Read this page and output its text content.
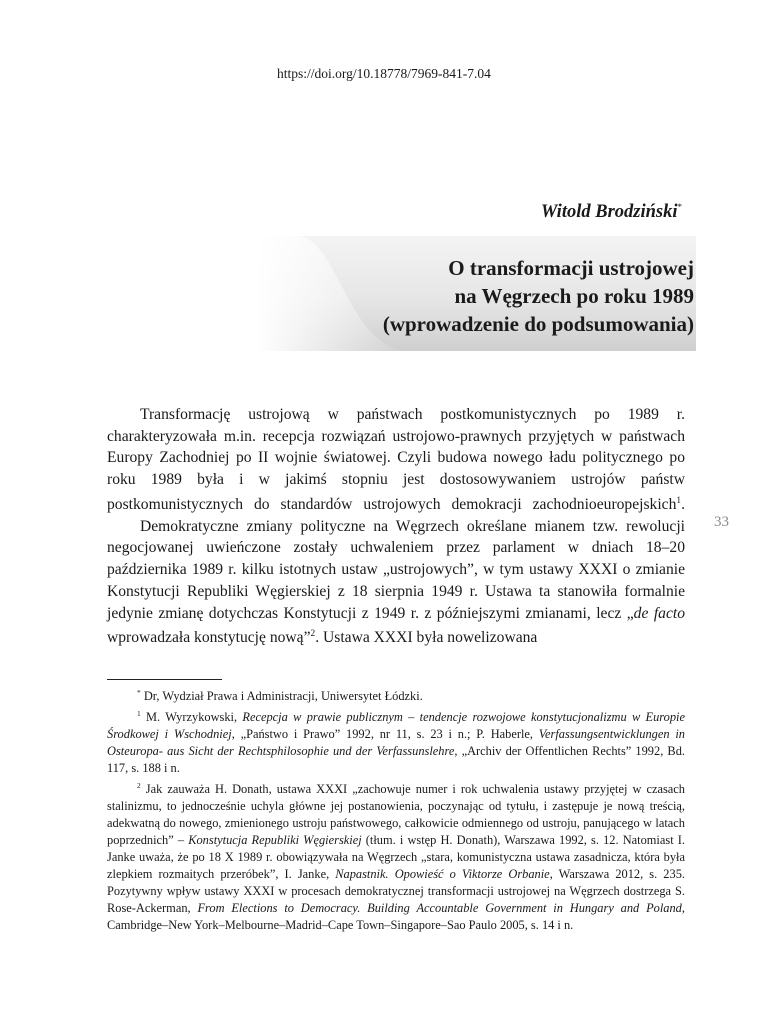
https://doi.org/10.18778/7969-841-7.04
Witold Brodziński*
O transformacji ustrojowej
na Węgrzech po roku 1989
(wprowadzenie do podsumowania)
33

Transformację ustrojową w państwach postkomunistycznych po 1989 r. charakteryzowała m.in. recepcja rozwiązań ustrojowo-prawnych przyjętych w państwach Europy Zachodniej po II wojnie światowej. Czyli budowa nowego ładu politycznego po roku 1989 była i w jakimś stopniu jest dostosowywaniem ustrojów państw postkomunistycznych do standardów ustrojowych demokracji zachodnioeuropejskich$^1$.

Demokratyczne zmiany polityczne na Węgrzech określane mianem tzw. rewolucji negocjowanej uwieńczone zostały uchwaleniem przez parlament w dniach 18–20 października 1989 r. kilku istotnych ustaw „ustrojowych”, w tym ustawy XXXI o zmianie Konstytucji Republiki Węgierskiej z 18 sierpnia 1949 r. Ustawa ta stanowiła formalnie jedynie zmianę dotychczas Konstytucji z 1949 r. z późniejszymi zmianami, lecz „de facto wprowadzała konstytucję nową”$^2$. Ustawa XXXI była nowelizowana

* Dr, Wydział Prawa i Administracji, Uniwersytet Łódzki.

$^1$ M. Wyrzykowski, Recepcja w prawie publicznym – tendencje rozwojowe konstytucjonalizmu w Europie Środkowej i Wschodniej, „Państwo i Prawo” 1992, nr 11, s. 23 i n.; P. Haberle, Verfassungsentwicklungen in Osteuropa- aus Sicht der Rechtsphilosophie und der Verfassunslehre, „Archiv der Offentlichen Rechts” 1992, Bd. 117, s. 188 i n.

$^2$ Jak zauważa H. Donath, ustawa XXXI „zachowuje numer i rok uchwalenia ustawy przyjętej w czasach stalinizmu, to jednocześnie uchyla główne jej postanowienia, poczynając od tytułu, i zastępuje je nową treścią, adekwatną do nowego, zmienionego ustroju państwowego, całkowicie odmiennego od ustroju, panującego w latach poprzednich” – Konstytucja Republiki Węgierskiej (tłum. i wstęp H. Donath), Warszawa 1992, s. 12. Natomiast I. Janke uważa, że po 18 X 1989 r. obowiązywała na Węgrzech „stara, komunistyczna ustawa zasadnicza, która była zlepkiem rozmaitych przeróbek”, I. Janke, Napastnik. Opowieść o Viktorze Orbanie, Warszawa 2012, s. 235. Pozytywny wpływ ustawy XXXI w procesach demokratycznej transformacji ustrojowej na Węgrzech dostrzega S. Rose-Ackerman, From Elections to Democracy. Building Accountable Government in Hungary and Poland, Cambridge–New York–Melbourne–Madrid–Cape Town–Singapore–Sao Paulo 2005, s. 14 i n.
